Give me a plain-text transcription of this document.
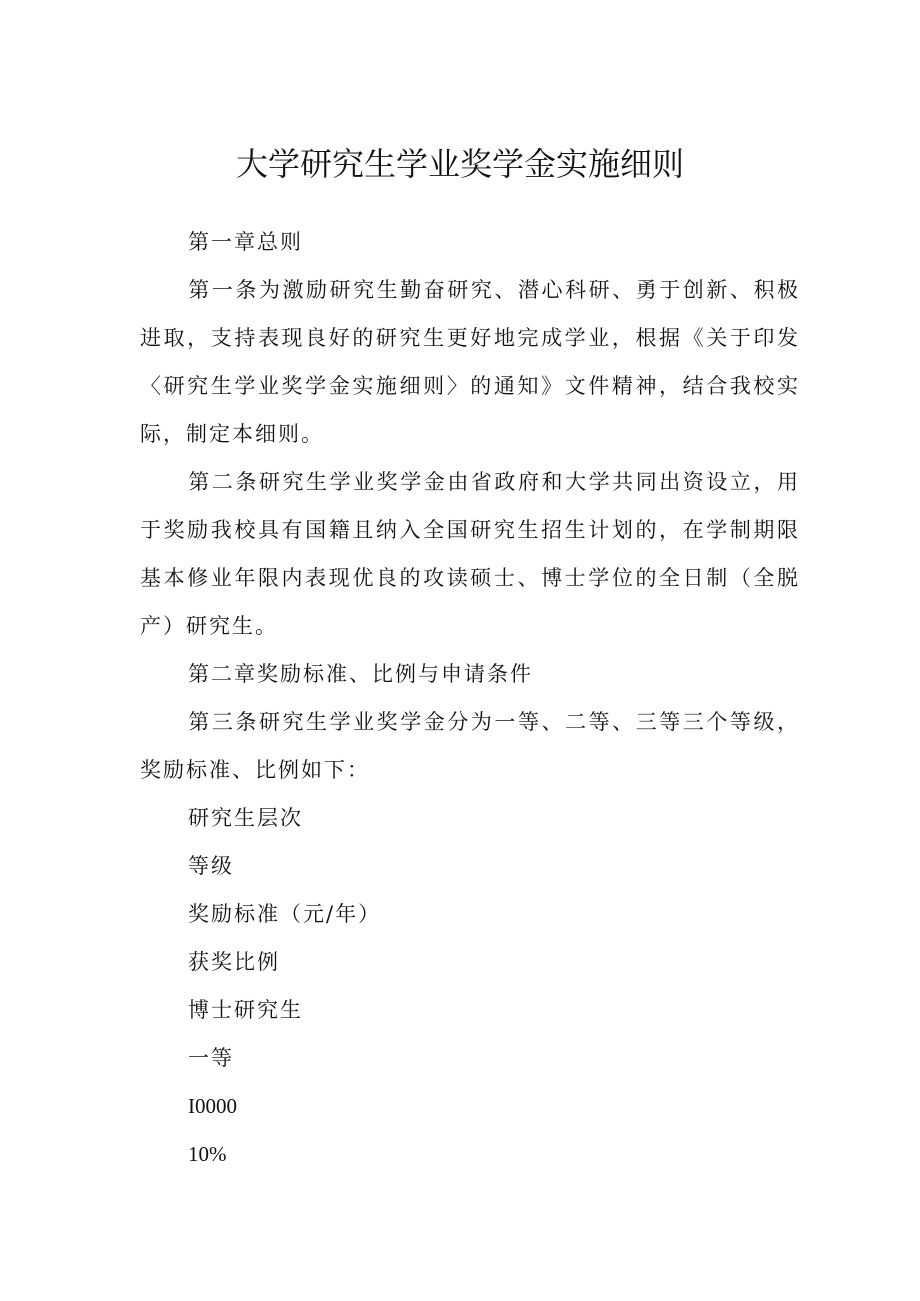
大学研究生学业奖学金实施细则

第一章总则

第一条为激励研究生勤奋研究、潜心科研、勇于创新、积极进取，支持表现良好的研究生更好地完成学业，根据《关于印发〈研究生学业奖学金实施细则〉的通知》文件精神，结合我校实际，制定本细则。

第二条研究生学业奖学金由省政府和大学共同出资设立，用于奖励我校具有国籍且纳入全国研究生招生计划的，在学制期限基本修业年限内表现优良的攻读硕士、博士学位的全日制（全脱产）研究生。

第二章奖励标准、比例与申请条件

第三条研究生学业奖学金分为一等、二等、三等三个等级，奖励标准、比例如下：

研究生层次

等级

奖励标准（元/年）

获奖比例

博士研究生

一等

I0000

10%
